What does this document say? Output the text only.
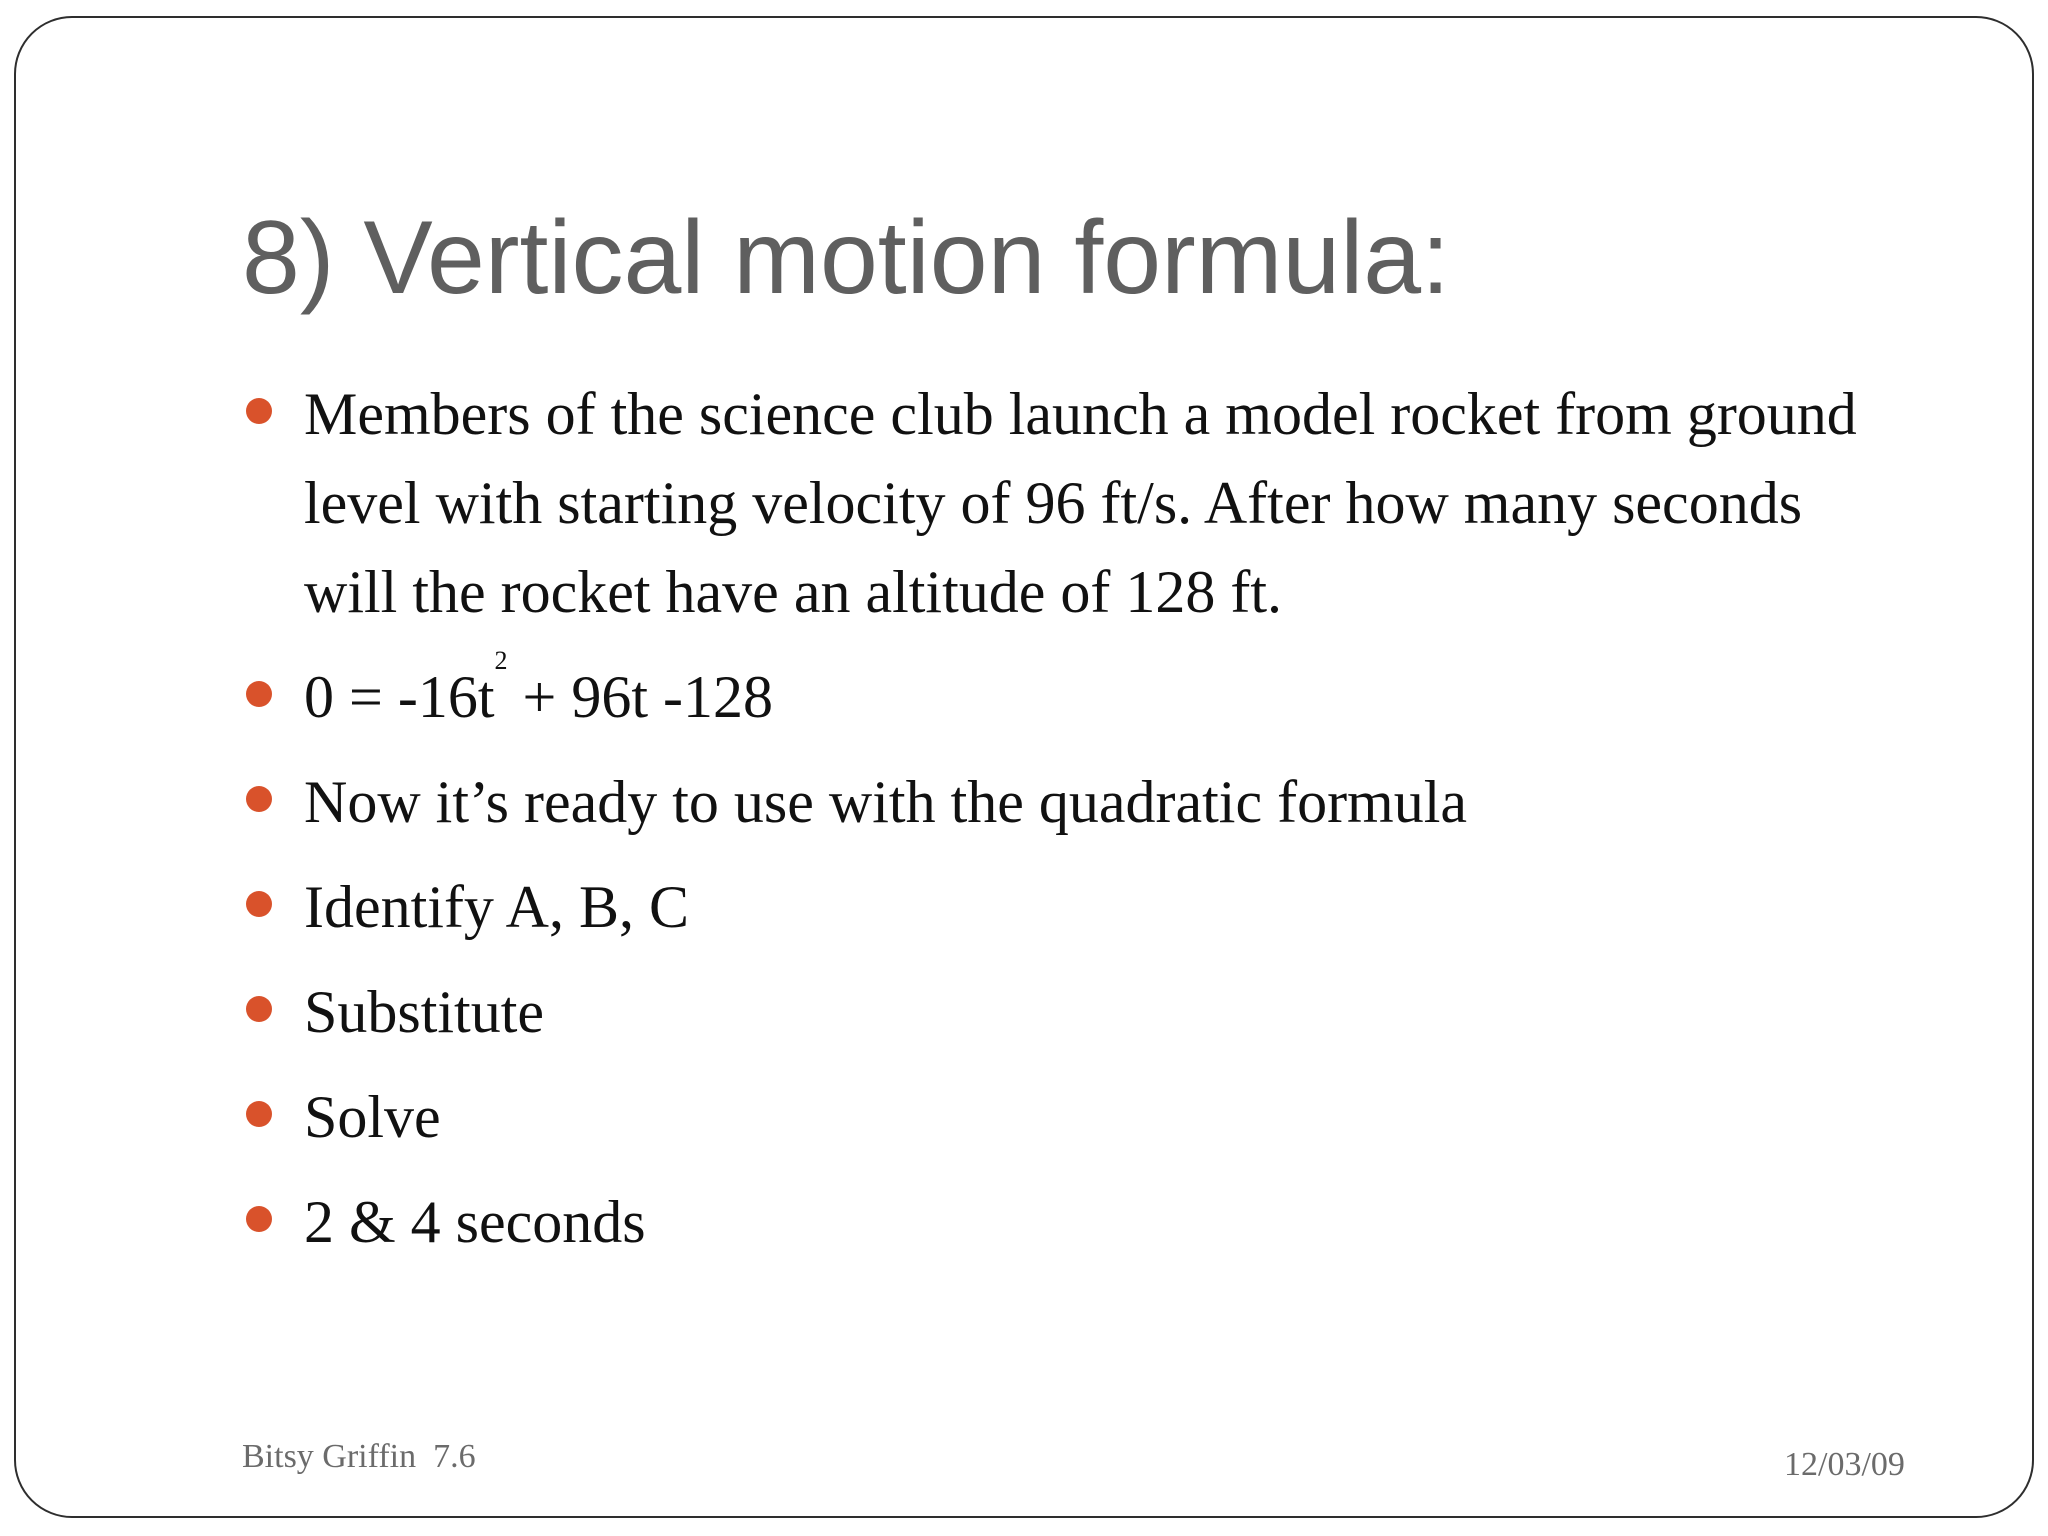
8) Vertical motion formula:
Members of the science club launch a model rocket from ground level with starting velocity of 96 ft/s. After how many seconds will the rocket have an altitude of 128 ft.
$0 = -16t^2 + 96t$ -128
Now it’s ready to use with the quadratic formula
Identify A, B, C
Substitute
Solve
2 & 4 seconds
Bitsy Griffin  7.6	12/03/09
